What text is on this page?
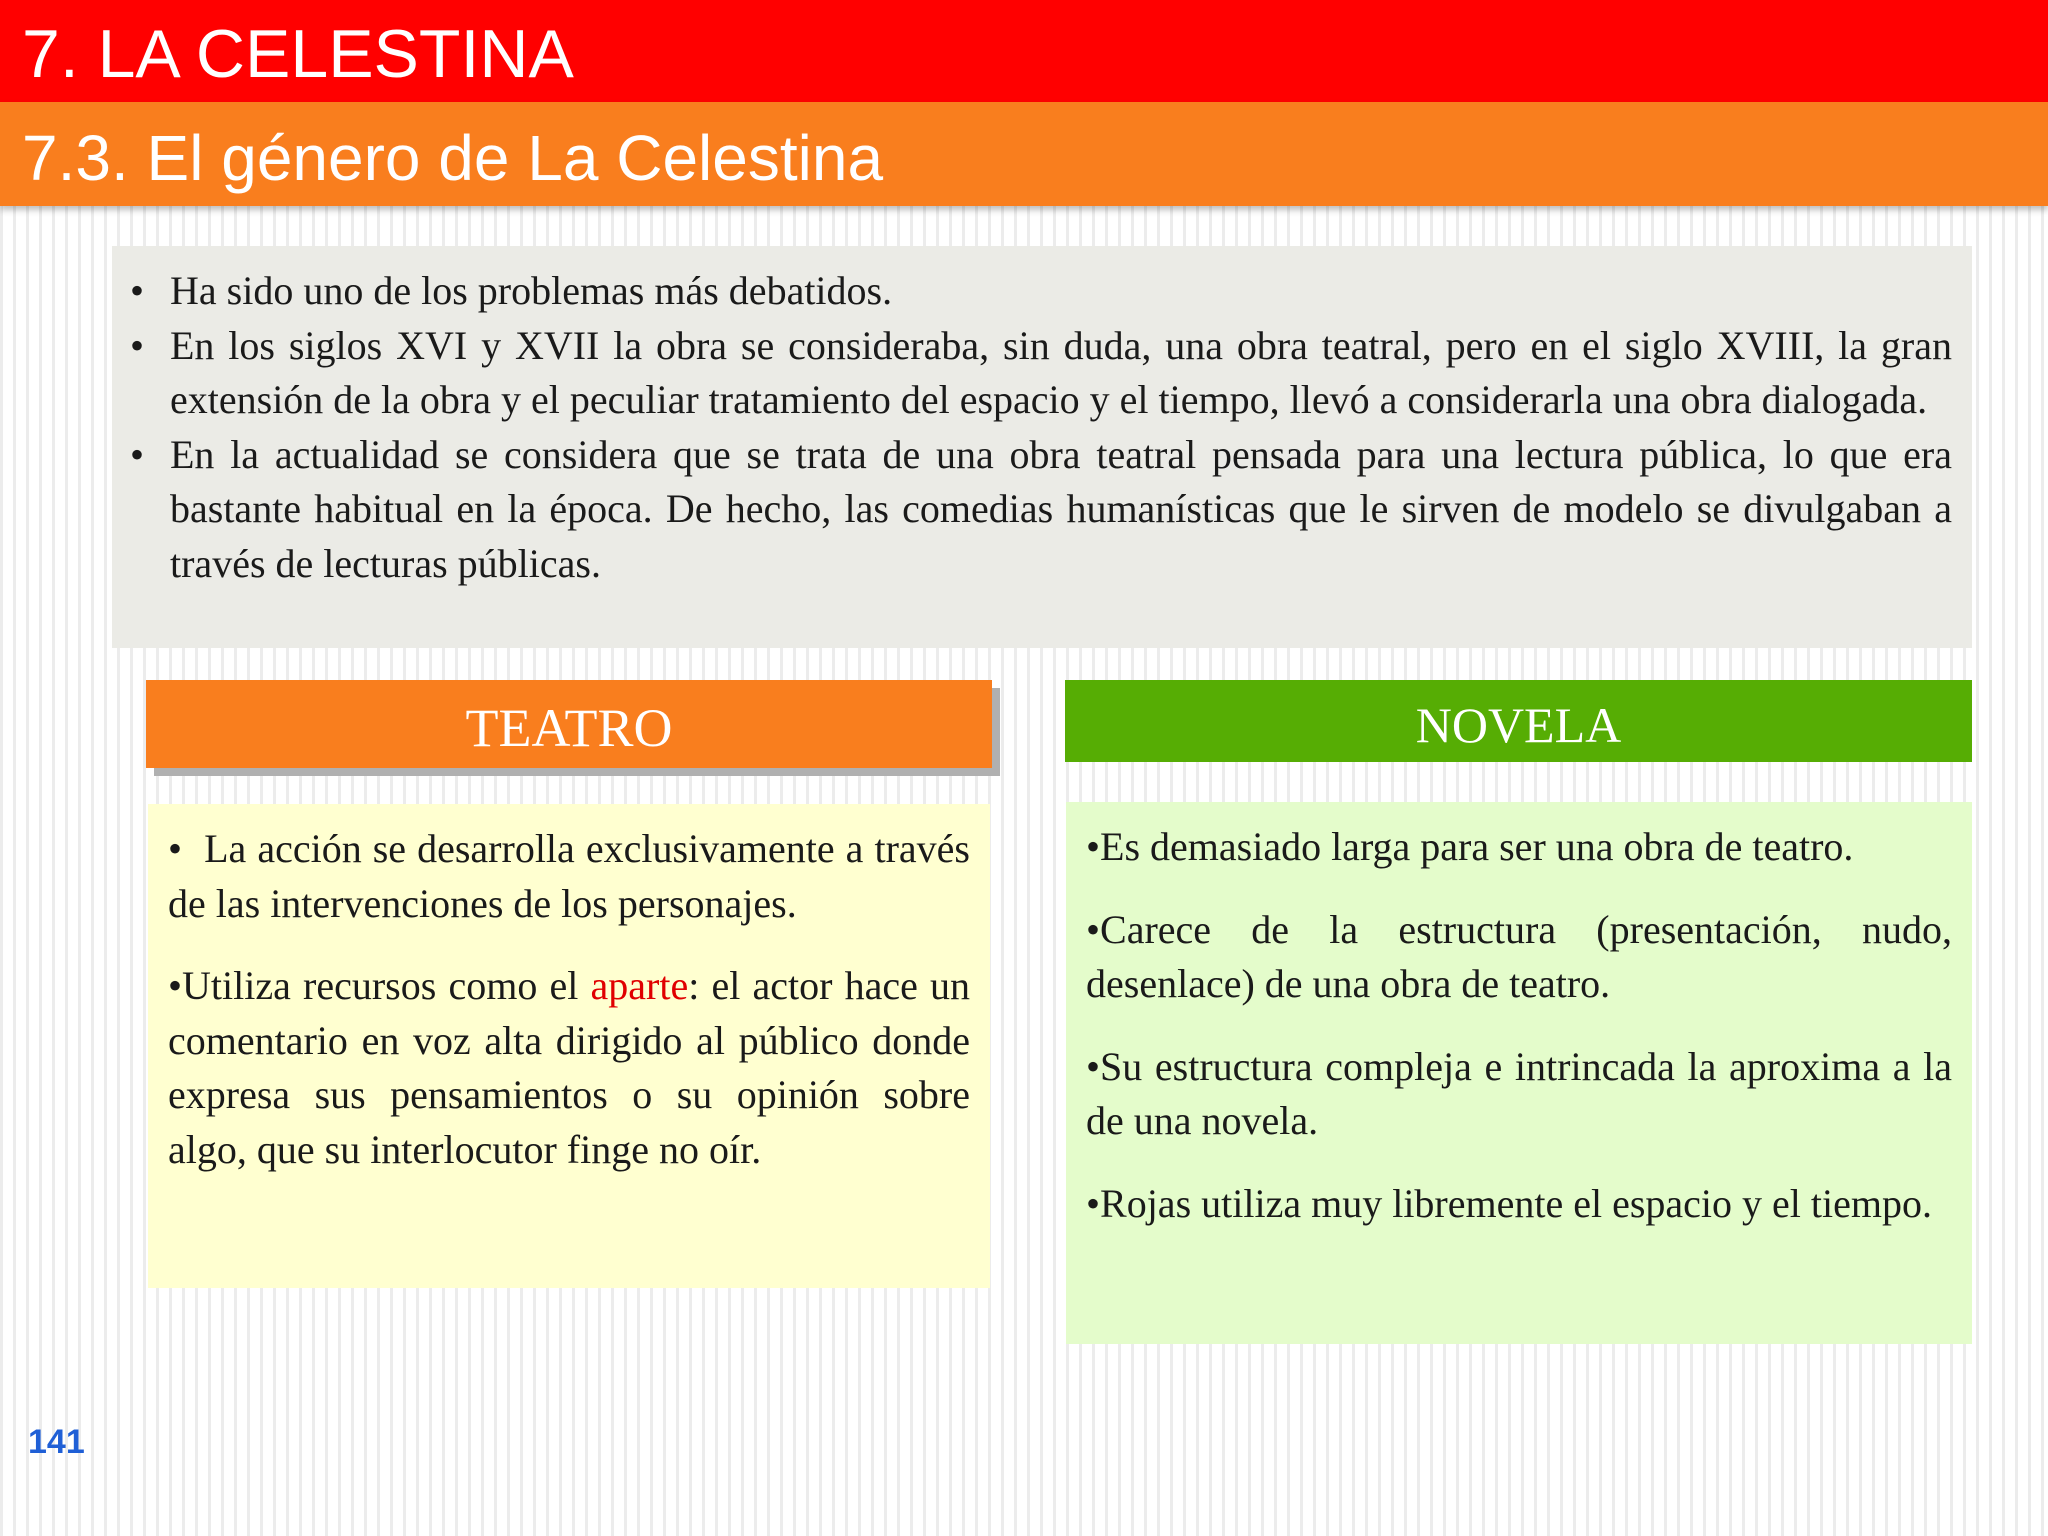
7. LA CELESTINA
7.3. El género de La Celestina
• Ha sido uno de los problemas más debatidos.
• En los siglos XVI y XVII la obra se consideraba, sin duda, una obra teatral, pero en el siglo XVIII, la gran extensión de la obra y el peculiar tratamiento del espacio y el tiempo, llevó a considerarla una obra dialogada.
• En la actualidad se considera que se trata de una obra teatral pensada para una lectura pública, lo que era bastante habitual en la época. De hecho, las comedias humanísticas que le sirven de modelo se divulgaban a través de lecturas públicas.
TEATRO	NOVELA

•  La acción se desarrolla exclusivamente a través de las intervenciones de los personajes.

•Utiliza recursos como el aparte: el actor hace un comentario en voz alta dirigido al público donde expresa sus pensamientos o su opinión sobre algo, que su interlocutor finge no oír.

•Es demasiado larga para ser una obra de teatro.

•Carece de la estructura (presentación, nudo, desenlace) de una obra de teatro.

•Su estructura compleja e intrincada la aproxima a la de una novela.

•Rojas utiliza muy libremente el espacio y el tiempo.

141
